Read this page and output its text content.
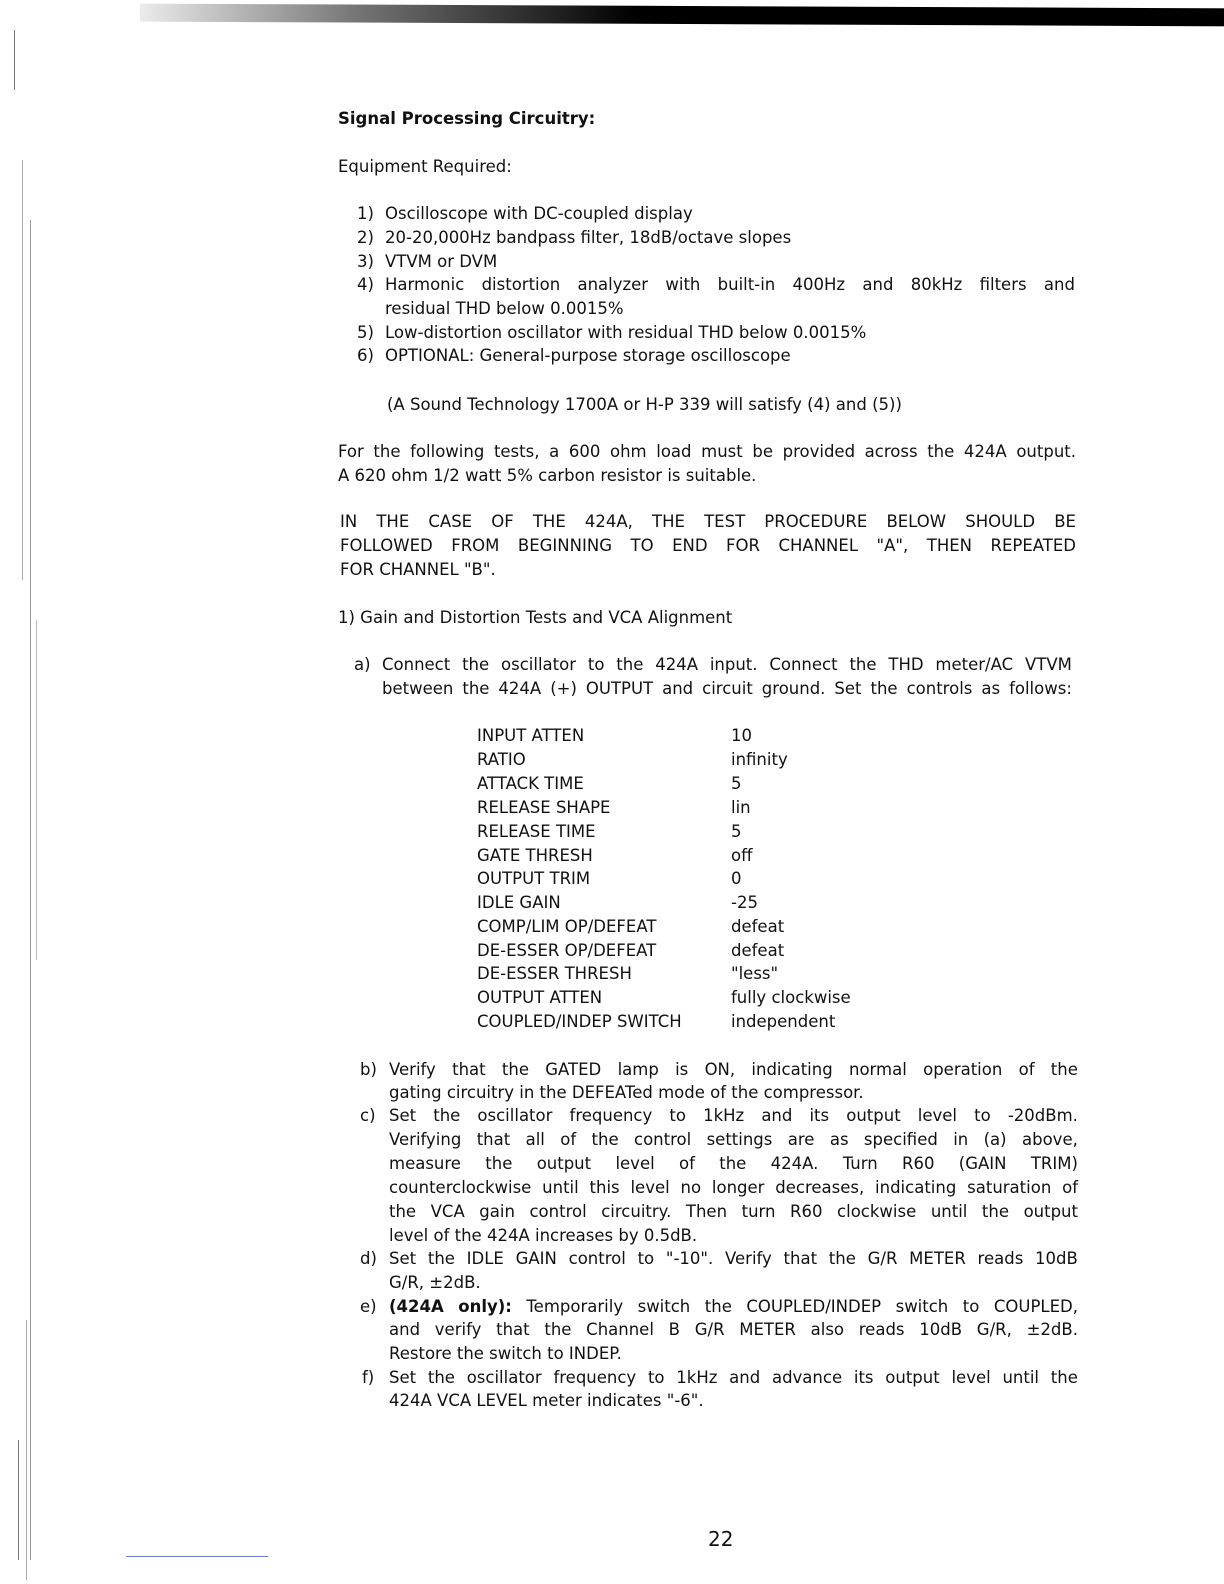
Signal Processing Circuitry:
Equipment Required:
1) Oscilloscope with DC-coupled display
2) 20-20,000Hz bandpass filter, 18dB/octave slopes
3) VTVM or DVM
4) Harmonic distortion analyzer with built-in 400Hz and 80kHz filters and
residual THD below 0.0015%
5) Low-distortion oscillator with residual THD below 0.0015%
6) OPTIONAL: General-purpose storage oscilloscope
(A Sound Technology 1700A or H-P 339 will satisfy (4) and (5))
For the following tests, a 600 ohm load must be provided across the 424A output.
A 620 ohm 1/2 watt 5% carbon resistor is suitable.
IN THE CASE OF THE 424A, THE TEST PROCEDURE BELOW SHOULD BE
FOLLOWED FROM BEGINNING TO END FOR CHANNEL "A", THEN REPEATED
FOR CHANNEL "B".
1) Gain and Distortion Tests and VCA Alignment
a) Connect the oscillator to the 424A input. Connect the THD meter/AC VTVM
between the 424A (+) OUTPUT and circuit ground. Set the controls as follows:
INPUT ATTEN	10
RATIO	infinity
ATTACK TIME	5
RELEASE SHAPE	lin
RELEASE TIME	5
GATE THRESH	off
OUTPUT TRIM	0
IDLE GAIN	-25
COMP/LIM OP/DEFEAT	defeat
DE-ESSER OP/DEFEAT	defeat
DE-ESSER THRESH	"less"
OUTPUT ATTEN	fully clockwise
COUPLED/INDEP SWITCH	independent
b) Verify that the GATED lamp is ON, indicating normal operation of the
gating circuitry in the DEFEATed mode of the compressor.
c) Set the oscillator frequency to 1kHz and its output level to -20dBm.
Verifying that all of the control settings are as specified in (a) above,
measure the output level of the 424A. Turn R60 (GAIN TRIM)
counterclockwise until this level no longer decreases, indicating saturation of
the VCA gain control circuitry. Then turn R60 clockwise until the output
level of the 424A increases by 0.5dB.
d) Set the IDLE GAIN control to "-10". Verify that the G/R METER reads 10dB
G/R, ±2dB.
e) (424A only): Temporarily switch the COUPLED/INDEP switch to COUPLED,
and verify that the Channel B G/R METER also reads 10dB G/R, ±2dB.
Restore the switch to INDEP.
f) Set the oscillator frequency to 1kHz and advance its output level until the
424A VCA LEVEL meter indicates "-6".
22
